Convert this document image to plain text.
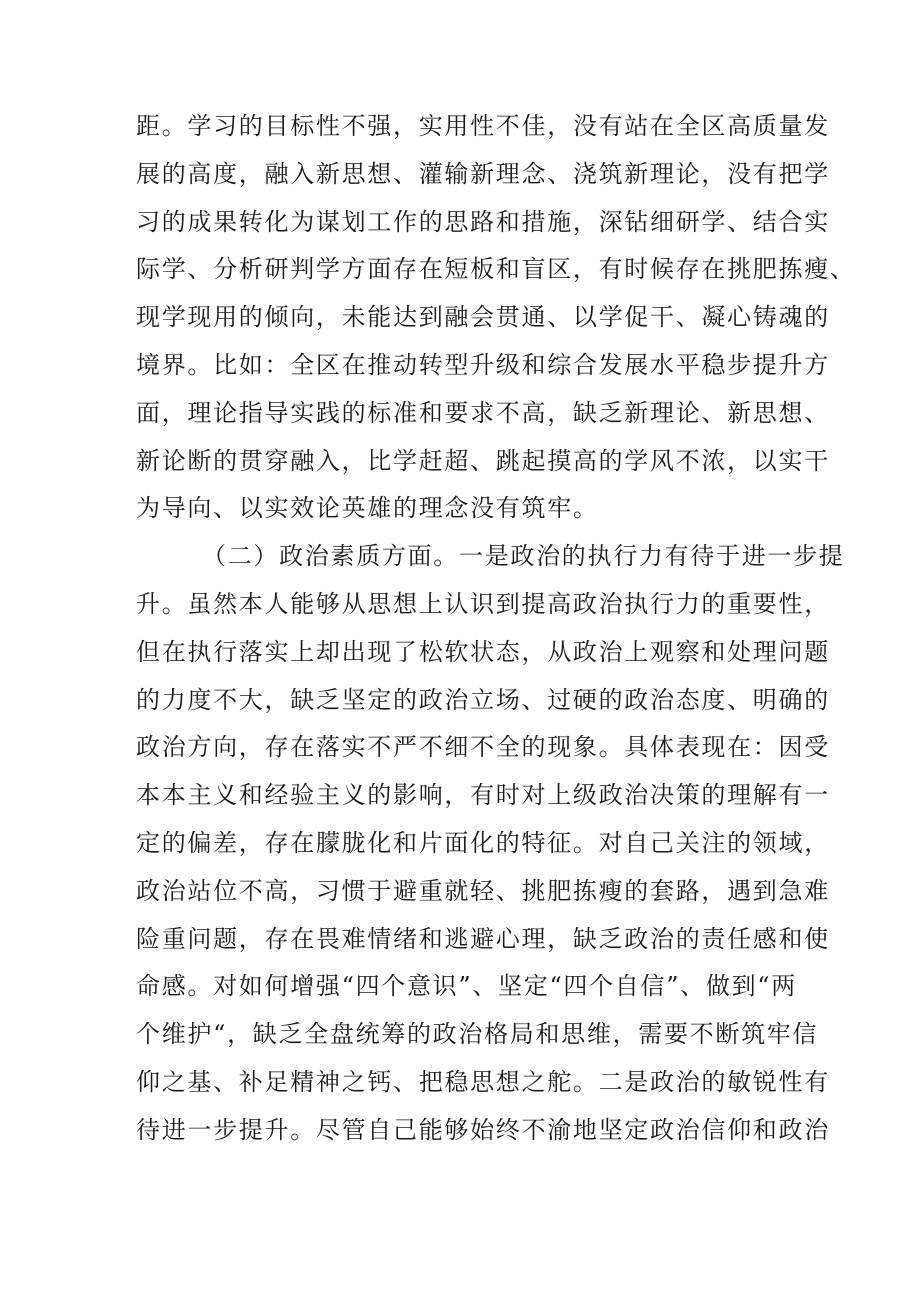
距。学习的目标性不强，实用性不佳，没有站在全区高质量发
展的高度，融入新思想、灌输新理念、浇筑新理论，没有把学
习的成果转化为谋划工作的思路和措施，深钻细研学、结合实
际学、分析研判学方面存在短板和盲区，有时候存在挑肥拣瘦、
现学现用的倾向，未能达到融会贯通、以学促干、凝心铸魂的
境界。比如：全区在推动转型升级和综合发展水平稳步提升方
面，理论指导实践的标准和要求不高，缺乏新理论、新思想、
新论断的贯穿融入，比学赶超、跳起摸高的学风不浓，以实干
为导向、以实效论英雄的理念没有筑牢。
（二）政治素质方面。一是政治的执行力有待于进一步提
升。虽然本人能够从思想上认识到提高政治执行力的重要性，
但在执行落实上却出现了松软状态，从政治上观察和处理问题
的力度不大，缺乏坚定的政治立场、过硬的政治态度、明确的
政治方向，存在落实不严不细不全的现象。具体表现在：因受
本本主义和经验主义的影响，有时对上级政治决策的理解有一
定的偏差，存在朦胧化和片面化的特征。对自己关注的领域，
政治站位不高，习惯于避重就轻、挑肥拣瘦的套路，遇到急难
险重问题，存在畏难情绪和逃避心理，缺乏政治的责任感和使
命感。对如何增强“四个意识”、坚定“四个自信”、做到“两
个维护“，缺乏全盘统筹的政治格局和思维，需要不断筑牢信
仰之基、补足精神之钙、把稳思想之舵。二是政治的敏锐性有
待进一步提升。尽管自己能够始终不渝地坚定政治信仰和政治
